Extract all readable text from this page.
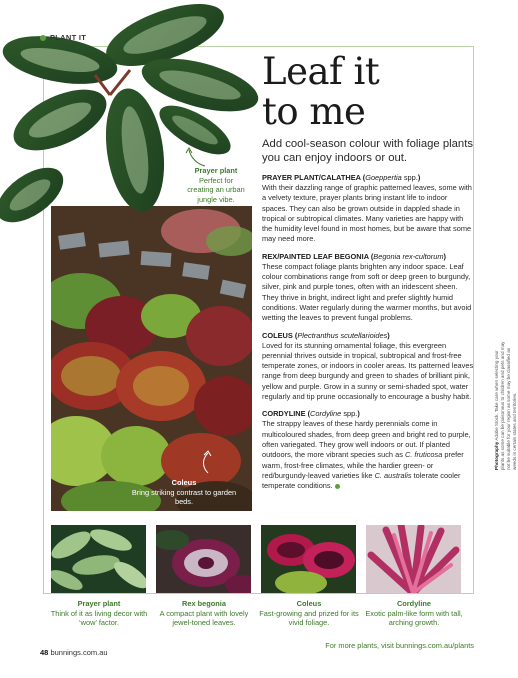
PLANT IT
Leaf it
to me

Add cool-season colour with foliage plants you can enjoy indoors or out.

PRAYER PLANT/CALATHEA (Goeppertia spp.)

With their dazzling range of graphic patterned leaves, some with a velvety texture, prayer plants bring instant life to indoor spaces. They can also be grown outside in dappled shade in tropical or subtropical climates. Many varieties are happy with the humidity level found in most homes, but be aware that some may need more.

REX/PAINTED LEAF BEGONIA (Begonia rex-cultorum)

These compact foliage plants brighten any indoor space. Leaf colour combinations range from soft or deep green to burgundy, silver, pink and purple tones, often with an iridescent sheen. They thrive in bright, indirect light and prefer slightly humid conditions. Water regularly during the warmer months, but avoid wetting the leaves to prevent fungal problems.

COLEUS (Plectranthus scutellarioides)

Loved for its stunning ornamental foliage, this evergreen perennial thrives outside in tropical, subtropical and frost-free temperate zones, or indoors in cooler areas. Its patterned leaves range from deep burgundy and green to shades of brilliant pink, yellow and purple. Grow in a sunny or semi-shaded spot, water regularly and tip prune occasionally to encourage a bushy habit.

CORDYLINE (Cordyline spp.)

The strappy leaves of these hardy perennials come in multicoloured shades, from deep green and bright red to purple, often variegated. They grow well indoors or out. If planted outdoors, the more vibrant species such as C. fruticosa prefer warm, frost-free climates, while the hardier green- or red/burgundy-leaved varieties like C. australis tolerate cooler temperate conditions.

Prayer plant
Perfect for creating an urban jungle vibe.
Coleus
Bring striking contrast to garden beds.
Prayer plant
Think of it as living decor with ‘wow’ factor.
Rex begonia
A compact plant with lovely jewel-toned leaves.
Coleus
Fast-growing and prized for its vivid foliage.
Cordyline
Exotic palm-like form with tall, arching growth.
Photography Adobe Stock. Take care when selecting your plants as some can be poisonous to children and pets and may not be suitable for your region as some may be classified as weeds in certain states and territories.
For more plants, visit bunnings.com.au/plants
48 bunnings.com.au
